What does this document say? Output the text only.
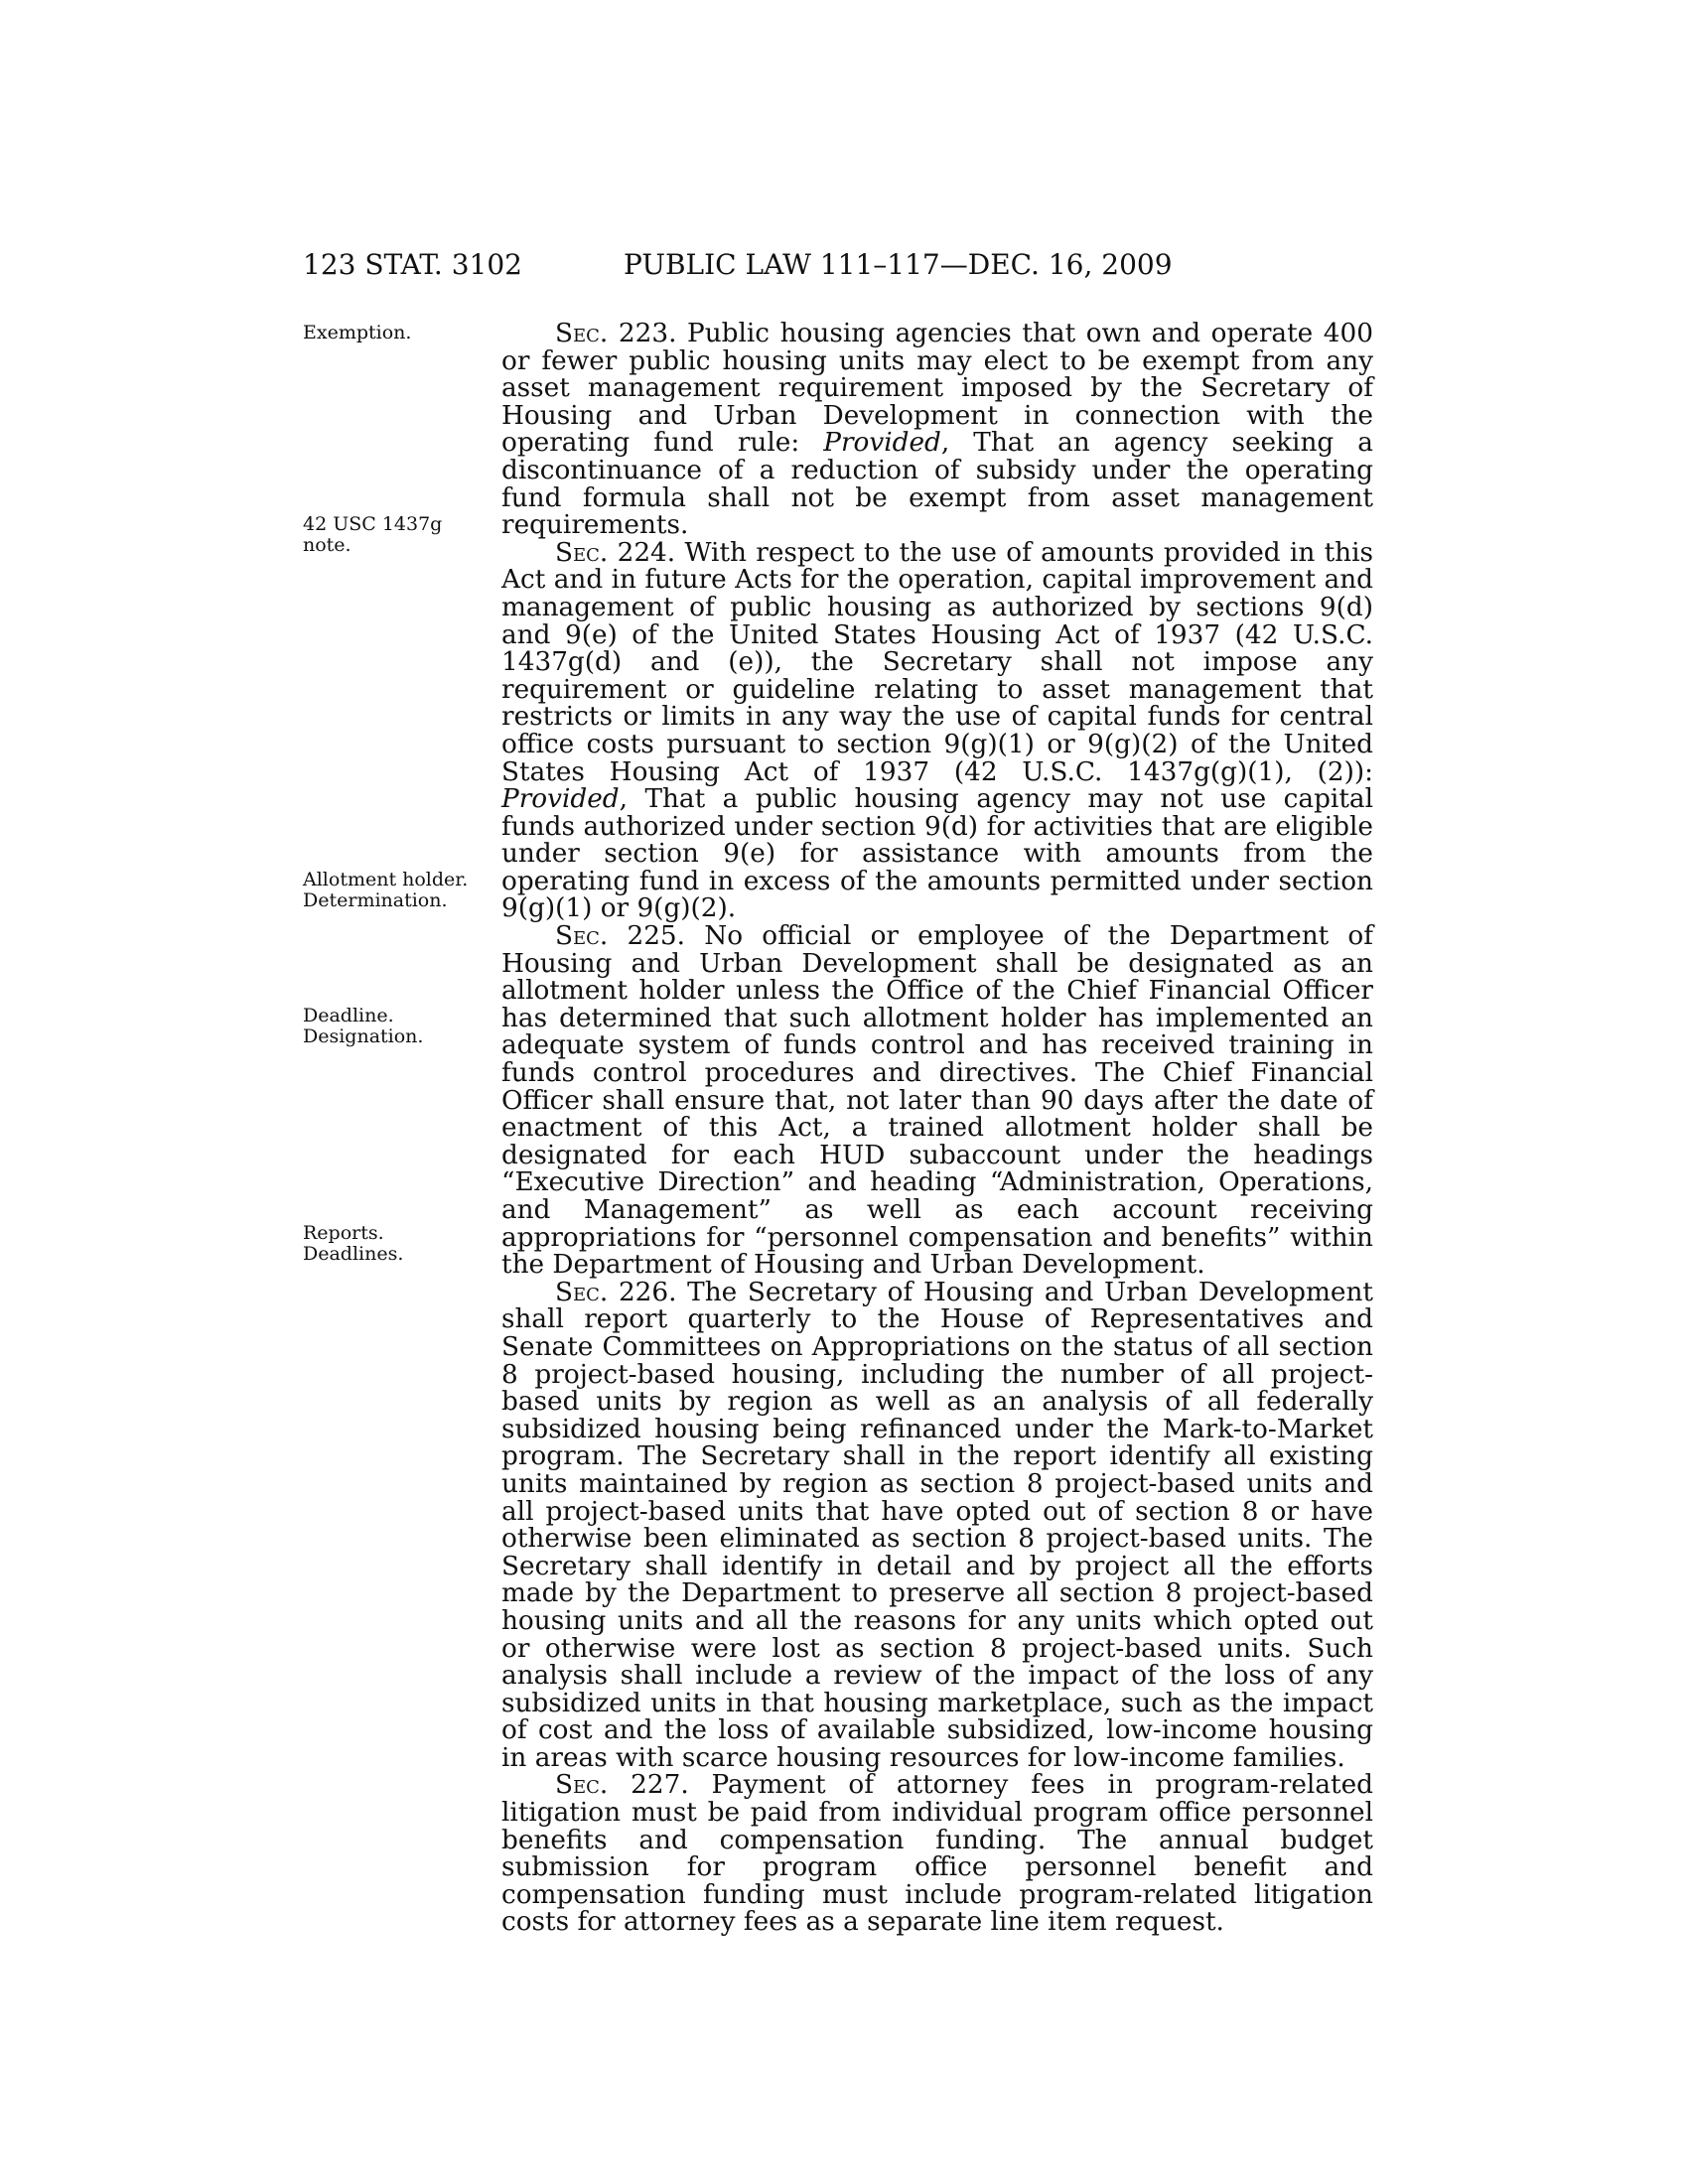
123 STAT. 3102	PUBLIC LAW 111–117—DEC. 16, 2009
Exemption.
42 USC 1437g
note.
Allotment holder.
Determination.
Deadline.
Designation.
Reports.
Deadlines.

Sec. 223. Public housing agencies that own and operate 400 or fewer public housing units may elect to be exempt from any asset management requirement imposed by the Secretary of Housing and Urban Development in connection with the operating fund rule: Provided, That an agency seeking a discontinuance of a reduction of subsidy under the operating fund formula shall not be exempt from asset management requirements.

Sec. 224. With respect to the use of amounts provided in this Act and in future Acts for the operation, capital improvement and management of public housing as authorized by sections 9(d) and 9(e) of the United States Housing Act of 1937 (42 U.S.C. 1437g(d) and (e)), the Secretary shall not impose any requirement or guideline relating to asset management that restricts or limits in any way the use of capital funds for central office costs pursuant to section 9(g)(1) or 9(g)(2) of the United States Housing Act of 1937 (42 U.S.C. 1437g(g)(1), (2)): Provided, That a public housing agency may not use capital funds authorized under section 9(d) for activities that are eligible under section 9(e) for assistance with amounts from the operating fund in excess of the amounts permitted under section 9(g)(1) or 9(g)(2).

Sec. 225. No official or employee of the Department of Housing and Urban Development shall be designated as an allotment holder unless the Office of the Chief Financial Officer has determined that such allotment holder has implemented an adequate system of funds control and has received training in funds control procedures and directives. The Chief Financial Officer shall ensure that, not later than 90 days after the date of enactment of this Act, a trained allotment holder shall be designated for each HUD subaccount under the headings “Executive Direction” and heading “Administration, Operations, and Management” as well as each account receiving appropriations for “personnel compensation and benefits” within the Department of Housing and Urban Development.

Sec. 226. The Secretary of Housing and Urban Development shall report quarterly to the House of Representatives and Senate Committees on Appropriations on the status of all section 8 project-based housing, including the number of all project-based units by region as well as an analysis of all federally subsidized housing being refinanced under the Mark-to-Market program. The Secretary shall in the report identify all existing units maintained by region as section 8 project-based units and all project-based units that have opted out of section 8 or have otherwise been eliminated as section 8 project-based units. The Secretary shall identify in detail and by project all the efforts made by the Department to preserve all section 8 project-based housing units and all the reasons for any units which opted out or otherwise were lost as section 8 project-based units. Such analysis shall include a review of the impact of the loss of any subsidized units in that housing marketplace, such as the impact of cost and the loss of available subsidized, low-income housing in areas with scarce housing resources for low-income families.

Sec. 227. Payment of attorney fees in program-related litigation must be paid from individual program office personnel benefits and compensation funding. The annual budget submission for program office personnel benefit and compensation funding must include program-related litigation costs for attorney fees as a separate line item request.
